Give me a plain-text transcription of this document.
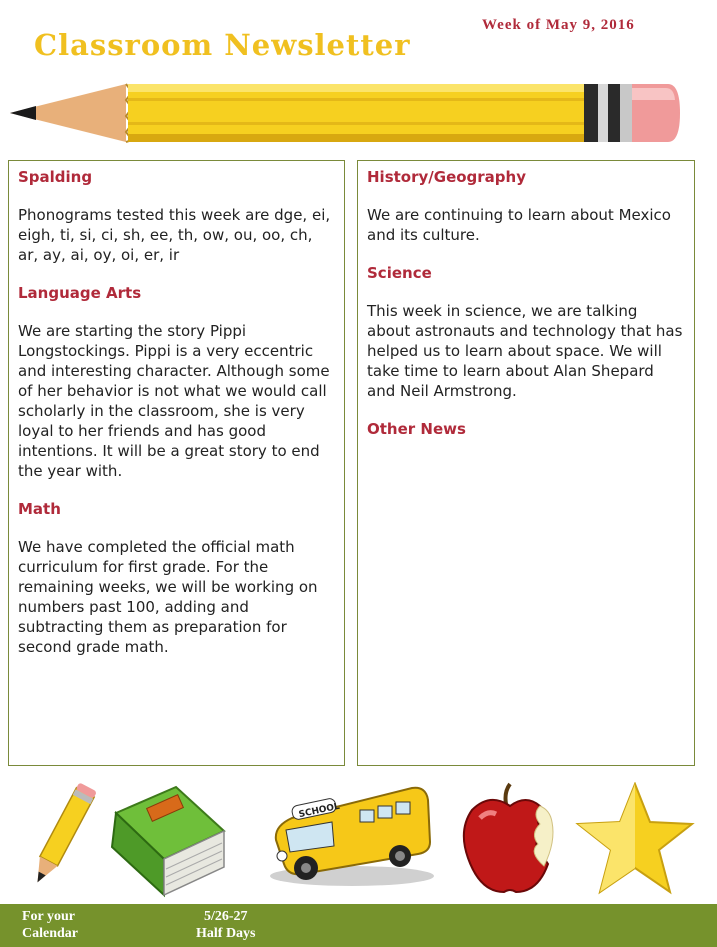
Week of May 9, 2016
Classroom Newsletter
Spalding

Phonograms tested this week are dge, ei, eigh, ti, si, ci, sh, ee, th, ow, ou, oo, ch, ar, ay, ai, oy, oi, er, ir

Language Arts

We are starting the story Pippi Longstockings. Pippi is a very eccentric and interesting character. Although some of her behavior is not what we would call scholarly in the classroom, she is very loyal to her friends and has good intentions. It will be a great story to end the year with.

Math

We have completed the official math curriculum for first grade. For the remaining weeks, we will be working on numbers past 100, adding and subtracting them as preparation for second grade math.

History/Geography

We are continuing to learn about Mexico and its culture.

Science

This week in science, we are talking about astronauts and technology that has helped us to learn about space. We will take time to learn about Alan Shepard and Neil Armstrong.

Other News
SCHOOL
For your
Calendar
5/26-27
Half Days
